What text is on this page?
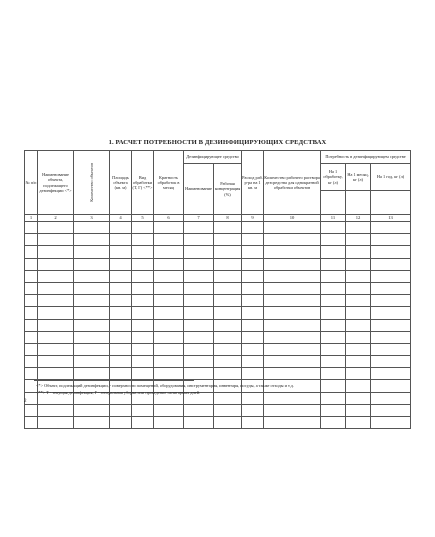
1. РАСЧЕТ ПОТРЕБНОСТИ В ДЕЗИНФИЦИРУЮЩИХ СРЕДСТВАХ
№ п/п	Наименование объекта, подлежащего дезинфекции <*>	Количество объектов	Площадь объекта (кв. м)	Вид обработки (Т, Г) <**>	Кратность обработок в месяц	Дезинфицирующее средство		Расход раб. р-ра на 1 кв. м	Количество рабочего раствора дезсредства для однократной обработки объектов	Потребность в дезинфицирующем средстве		
						Наименование	Рабочая концентрация (%)			На 1 обработку, кг (л)	На 1 месяц, кг (л)	На 1 год, кг (л)

1	2	3	4	5	6	7	8	9	10	11	12	13

<*> Объект, подлежащий дезинфекции, - поверхности помещений, оборудования, инструментария, инвентаря, посуды, а также отходы и т.д.
<**> Т - текущая дезинфекция, Г - генеральная уборка или проведение санитарных дней.
2
